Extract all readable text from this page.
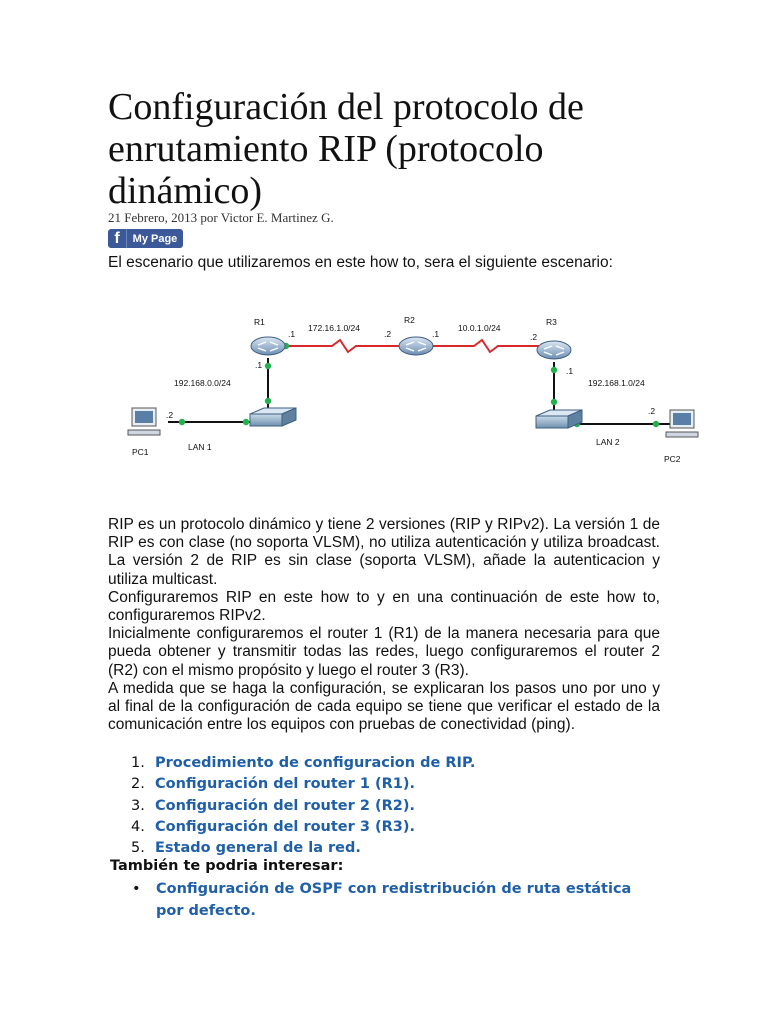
Configuración del protocolo de enrutamiento RIP (protocolo dinámico)
21 Febrero, 2013 por Victor E. Martinez G.
f	My Page

El escenario que utilizaremos en este how to, sera el siguiente escenario:

R1	R2	R3
172.16.1.0/24	10.0.1.0/24
192.168.0.0/24	192.168.1.0/24
.1	.2	.1	.2
.1
.1
.2	.2
LAN 1	LAN 2
PC1
PC2

RIP es un protocolo dinámico y tiene 2 versiones (RIP y RIPv2). La versión 1 de RIP es con clase (no soporta VLSM), no utiliza autenticación y utiliza broadcast. La versión 2 de RIP es sin clase (soporta VLSM), añade la autenticacion y utiliza multicast.

Configuraremos RIP en este how to y en una continuación de este how to, configuraremos RIPv2.

Inicialmente configuraremos el router 1 (R1) de la manera necesaria para que pueda obtener y transmitir todas las redes, luego configuraremos el router 2 (R2) con el mismo propósito y luego el router 3 (R3).

A medida que se haga la configuración, se explicaran los pasos uno por uno y al final de la configuración de cada equipo se tiene que verificar el estado de la comunicación entre los equipos con pruebas de conectividad (ping).

1. Procedimiento de configuracion de RIP.
2. Configuración del router 1 (R1).
3. Configuración del router 2 (R2).
4. Configuración del router 3 (R3).
5. Estado general de la red.
También te podria interesar:
• Configuración de OSPF con redistribución de ruta estática por defecto.
